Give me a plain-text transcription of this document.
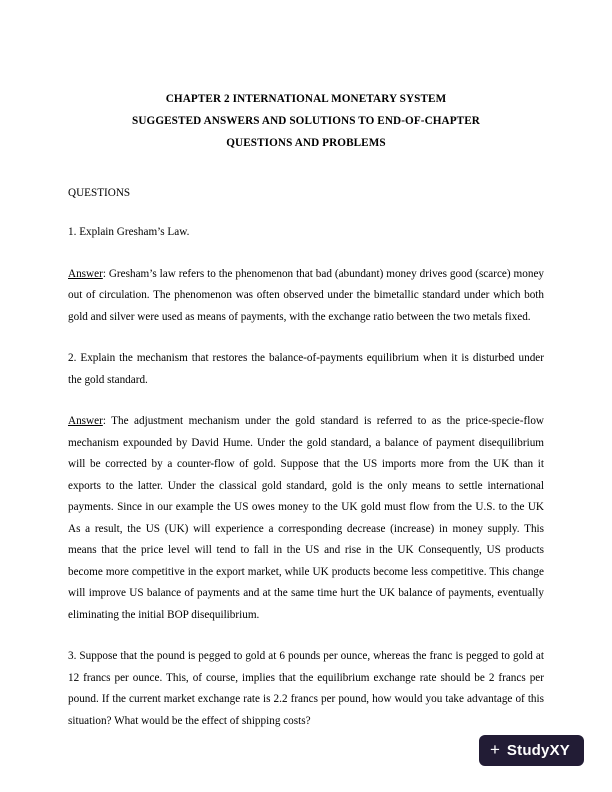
CHAPTER 2 INTERNATIONAL MONETARY SYSTEM
SUGGESTED ANSWERS AND SOLUTIONS TO END-OF-CHAPTER
QUESTIONS AND PROBLEMS
QUESTIONS

1. Explain Gresham’s Law.

Answer: Gresham’s law refers to the phenomenon that bad (abundant) money drives good (scarce) money out of circulation. The phenomenon was often observed under the bimetallic standard under which both gold and silver were used as means of payments, with the exchange ratio between the two metals fixed.

2. Explain the mechanism that restores the balance-of-payments equilibrium when it is disturbed under the gold standard.

Answer: The adjustment mechanism under the gold standard is referred to as the price-specie-flow mechanism expounded by David Hume. Under the gold standard, a balance of payment disequilibrium will be corrected by a counter-flow of gold. Suppose that the US imports more from the UK than it exports to the latter. Under the classical gold standard, gold is the only means to settle international payments. Since in our example the US owes money to the UK gold must flow from the U.S. to the UK As a result, the US (UK) will experience a corresponding decrease (increase) in money supply. This means that the price level will tend to fall in the US and rise in the UK Consequently, US products become more competitive in the export market, while UK products become less competitive. This change will improve US balance of payments and at the same time hurt the UK balance of payments, eventually eliminating the initial BOP disequilibrium.

3. Suppose that the pound is pegged to gold at 6 pounds per ounce, whereas the franc is pegged to gold at 12 francs per ounce. This, of course, implies that the equilibrium exchange rate should be 2 francs per pound. If the current market exchange rate is 2.2 francs per pound, how would you take advantage of this situation? What would be the effect of shipping costs?

+ StudyXY
